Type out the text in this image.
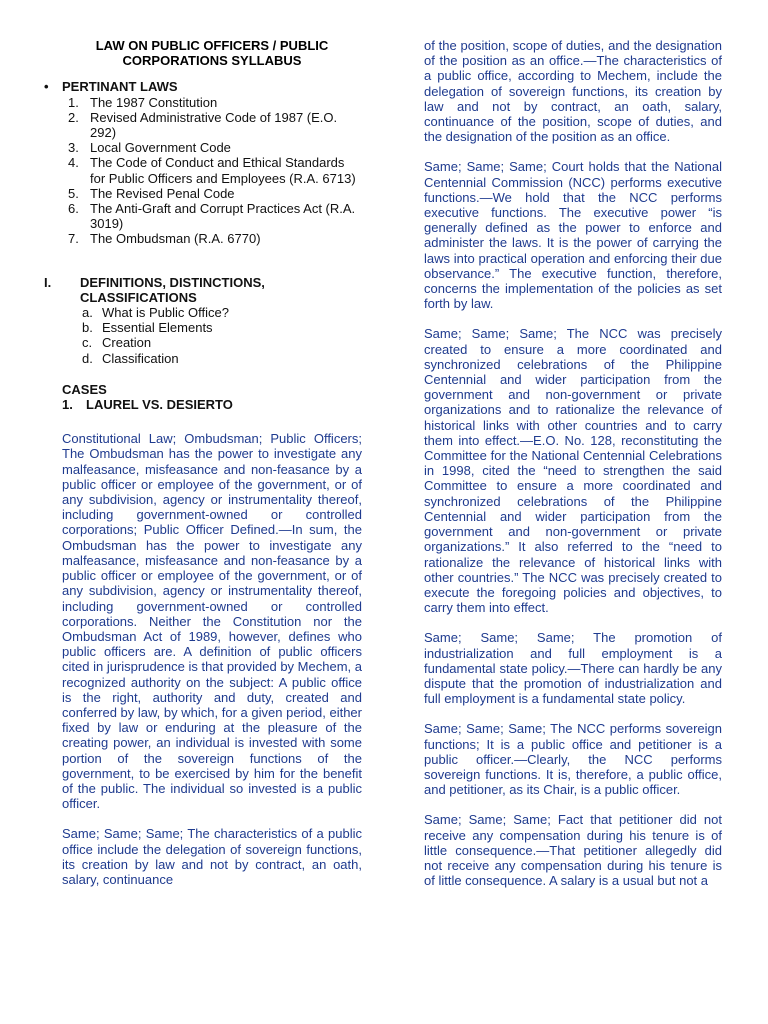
LAW ON PUBLIC OFFICERS / PUBLIC
CORPORATIONS SYLLABUS
• PERTINANT LAWS
1. The 1987 Constitution
2. Revised Administrative Code of 1987 (E.O. 292)
3. Local Government Code
4. The Code of Conduct and Ethical Standards for Public Officers and Employees (R.A. 6713)
5. The Revised Penal Code
6. The Anti-Graft and Corrupt Practices Act (R.A. 3019)
7. The Ombudsman (R.A. 6770)
I. DEFINITIONS, DISTINCTIONS, CLASSIFICATIONS
a. What is Public Office?
b. Essential Elements
c. Creation
d. Classification
CASES
1. LAUREL VS. DESIERTO
Constitutional Law; Ombudsman; Public Officers; The Ombudsman has the power to investigate any malfeasance, misfeasance and non-feasance by a public officer or employee of the government, or of any subdivision, agency or instrumentality thereof, including government-owned or controlled corporations; Public Officer Defined.—In sum, the Ombudsman has the power to investigate any malfeasance, misfeasance and non-feasance by a public officer or employee of the government, or of any subdivision, agency or instrumentality thereof, including government-owned or controlled corporations. Neither the Constitution nor the Ombudsman Act of 1989, however, defines who public officers are. A definition of public officers cited in jurisprudence is that provided by Mechem, a recognized authority on the subject: A public office is the right, authority and duty, created and conferred by law, by which, for a given period, either fixed by law or enduring at the pleasure of the creating power, an individual is invested with some portion of the sovereign functions of the government, to be exercised by him for the benefit of the public. The individual so invested is a public officer.
Same; Same; Same; The characteristics of a public office include the delegation of sovereign functions, its creation by law and not by contract, an oath, salary, continuance
of the position, scope of duties, and the designation of the position as an office.—The characteristics of a public office, according to Mechem, include the delegation of sovereign functions, its creation by law and not by contract, an oath, salary, continuance of the position, scope of duties, and the designation of the position as an office.
Same; Same; Same; Court holds that the National Centennial Commission (NCC) performs executive functions.—We hold that the NCC performs executive functions. The executive power “is generally defined as the power to enforce and administer the laws. It is the power of carrying the laws into practical operation and enforcing their due observance.” The executive function, therefore, concerns the implementation of the policies as set forth by law.
Same; Same; Same; The NCC was precisely created to ensure a more coordinated and synchronized celebrations of the Philippine Centennial and wider participation from the government and non-government or private organizations and to rationalize the relevance of historical links with other countries and to carry them into effect.—E.O. No. 128, reconstituting the Committee for the National Centennial Celebrations in 1998, cited the “need to strengthen the said Committee to ensure a more coordinated and synchronized celebrations of the Philippine Centennial and wider participation from the government and non-government or private organizations.” It also referred to the “need to rationalize the relevance of historical links with other countries.” The NCC was precisely created to execute the foregoing policies and objectives, to carry them into effect.
Same; Same; Same; The promotion of industrialization and full employment is a fundamental state policy.—There can hardly be any dispute that the promotion of industrialization and full employment is a fundamental state policy.
Same; Same; Same; The NCC performs sovereign functions; It is a public office and petitioner is a public officer.—Clearly, the NCC performs sovereign functions. It is, therefore, a public office, and petitioner, as its Chair, is a public officer.
Same; Same; Same; Fact that petitioner did not receive any compensation during his tenure is of little consequence.—That petitioner allegedly did not receive any compensation during his tenure is of little consequence. A salary is a usual but not a
